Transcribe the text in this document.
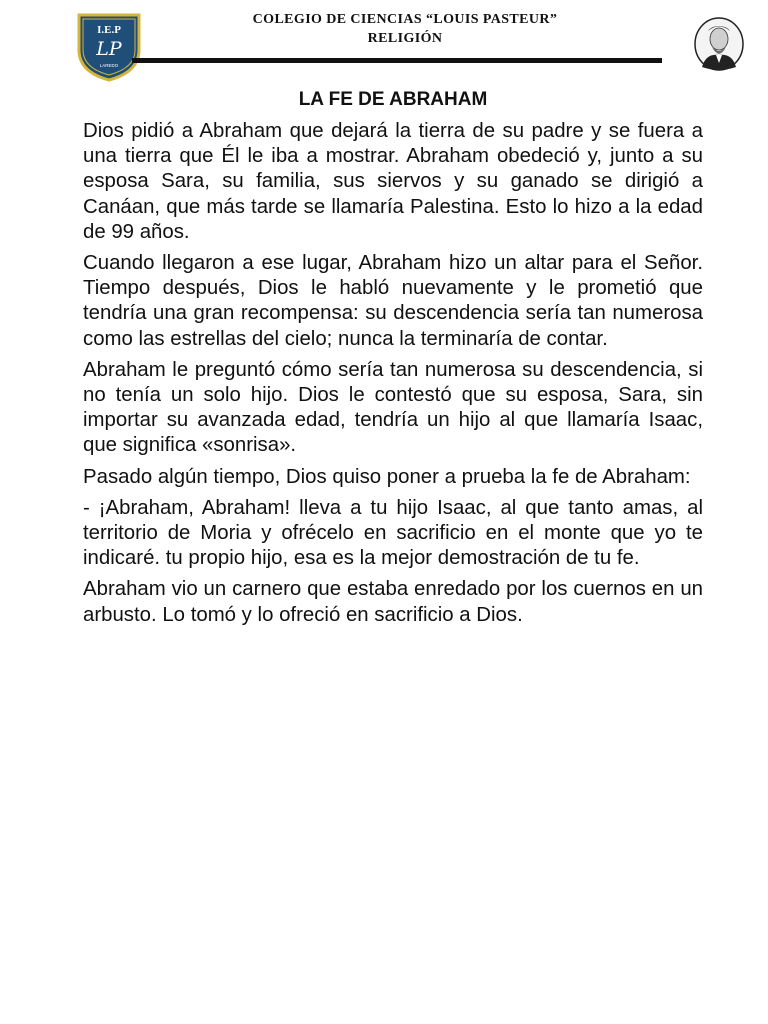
I.E.P
LP
LAREDO
COLEGIO DE CIENCIAS “LOUIS PASTEUR”
RELIGIÓN
LA FE DE ABRAHAM

Dios pidió a Abraham que dejará la tierra de su padre y se fuera a una tierra que Él le iba a mostrar. Abraham obedeció y, junto a su esposa Sara, su familia, sus siervos y su ganado se dirigió a Canáan, que más tarde se llamaría Palestina. Esto lo hizo a la edad de 99 años.

Cuando llegaron a ese lugar, Abraham hizo un altar para el Señor. Tiempo después, Dios le habló nuevamente y le prometió que tendría una gran recompensa: su descendencia sería tan numerosa como las estrellas del cielo; nunca la terminaría de contar.

Abraham le preguntó cómo sería tan numerosa su descendencia, si no tenía un solo hijo. Dios le contestó que su esposa, Sara, sin importar su avanzada edad, tendría un hijo al que llamaría Isaac, que significa «sonrisa».

Pasado algún tiempo, Dios quiso poner a prueba la fe de Abraham:

- ¡Abraham, Abraham! lleva a tu hijo Isaac, al que tanto amas, al territorio de Moria y ofrécelo en sacrificio en el monte que yo te indicaré. tu propio hijo, esa es la mejor demostración de tu fe.

Abraham vio un carnero que estaba enredado por los cuernos en un arbusto. Lo tomó y lo ofreció en sacrificio a Dios.
